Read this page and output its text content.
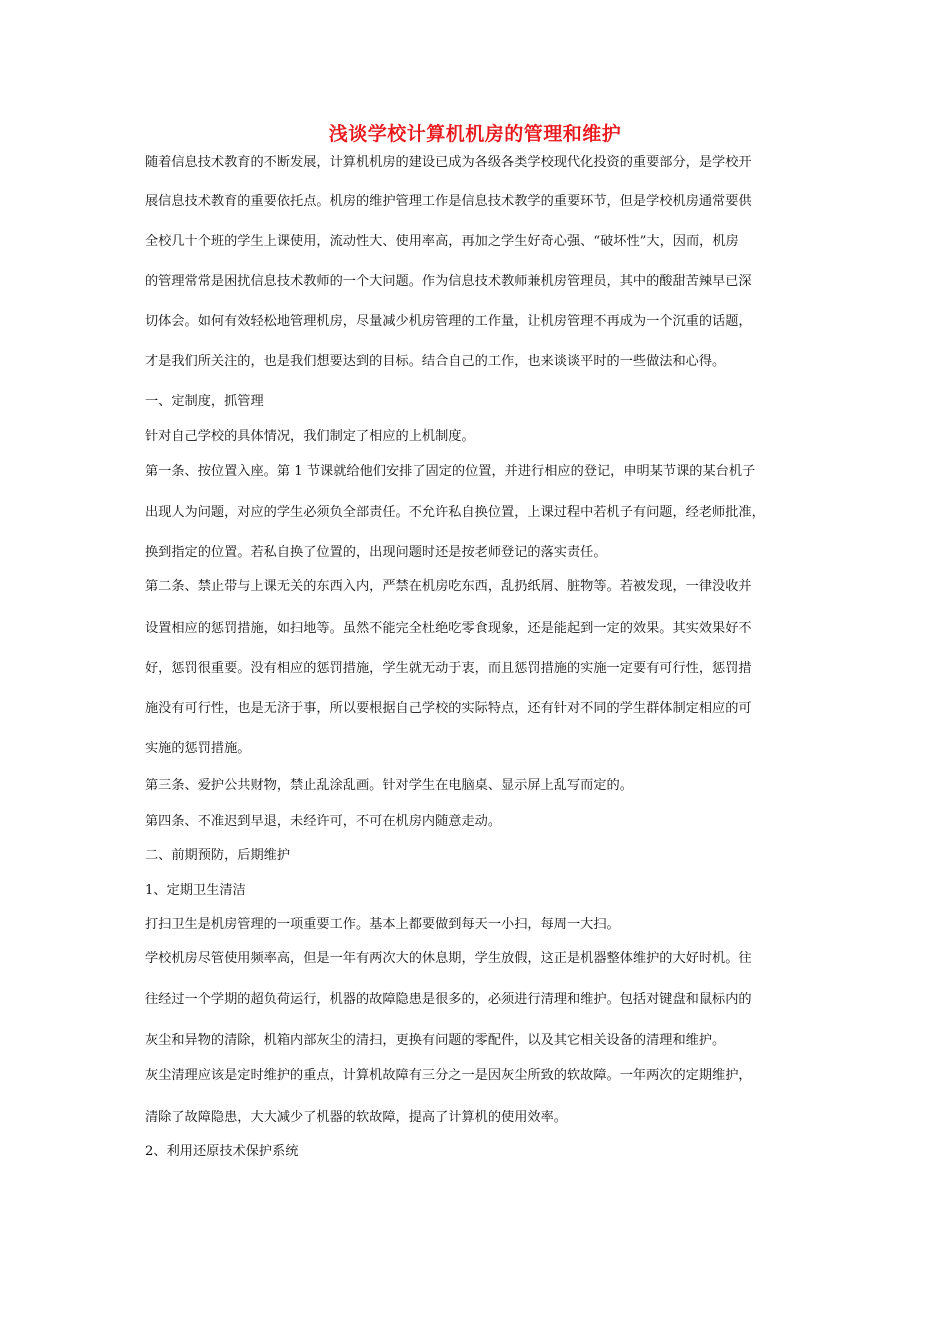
浅谈学校计算机机房的管理和维护
随着信息技术教育的不断发展，计算机机房的建设已成为各级各类学校现代化投资的重要部分，是学校开
展信息技术教育的重要依托点。机房的维护管理工作是信息技术教学的重要环节，但是学校机房通常要供
全校几十个班的学生上课使用，流动性大、使用率高，再加之学生好奇心强、“破坏性”大，因而，机房
的管理常常是困扰信息技术教师的一个大问题。作为信息技术教师兼机房管理员，其中的酸甜苦辣早已深
切体会。如何有效轻松地管理机房，尽量减少机房管理的工作量，让机房管理不再成为一个沉重的话题，
才是我们所关注的，也是我们想要达到的目标。结合自己的工作，也来谈谈平时的一些做法和心得。
一、定制度，抓管理
针对自己学校的具体情况，我们制定了相应的上机制度。
第一条、按位置入座。第 1 节课就给他们安排了固定的位置，并进行相应的登记，申明某节课的某台机子
出现人为问题，对应的学生必须负全部责任。不允许私自换位置，上课过程中若机子有问题，经老师批准，
换到指定的位置。若私自换了位置的，出现问题时还是按老师登记的落实责任。
第二条、禁止带与上课无关的东西入内，严禁在机房吃东西，乱扔纸屑、脏物等。若被发现，一律没收并
设置相应的惩罚措施，如扫地等。虽然不能完全杜绝吃零食现象，还是能起到一定的效果。其实效果好不
好，惩罚很重要。没有相应的惩罚措施，学生就无动于衷，而且惩罚措施的实施一定要有可行性，惩罚措
施没有可行性，也是无济于事，所以要根据自己学校的实际特点，还有针对不同的学生群体制定相应的可
实施的惩罚措施。
第三条、爱护公共财物，禁止乱涂乱画。针对学生在电脑桌、显示屏上乱写而定的。
第四条、不准迟到早退，未经许可，不可在机房内随意走动。
二、前期预防，后期维护
1、定期卫生清洁
打扫卫生是机房管理的一项重要工作。基本上都要做到每天一小扫，每周一大扫。
学校机房尽管使用频率高，但是一年有两次大的休息期，学生放假，这正是机器整体维护的大好时机。往
往经过一个学期的超负荷运行，机器的故障隐患是很多的，必须进行清理和维护。包括对键盘和鼠标内的
灰尘和异物的清除，机箱内部灰尘的清扫，更换有问题的零配件，以及其它相关设备的清理和维护。
灰尘清理应该是定时维护的重点，计算机故障有三分之一是因灰尘所致的软故障。一年两次的定期维护，
清除了故障隐患，大大减少了机器的软故障，提高了计算机的使用效率。
2、利用还原技术保护系统
